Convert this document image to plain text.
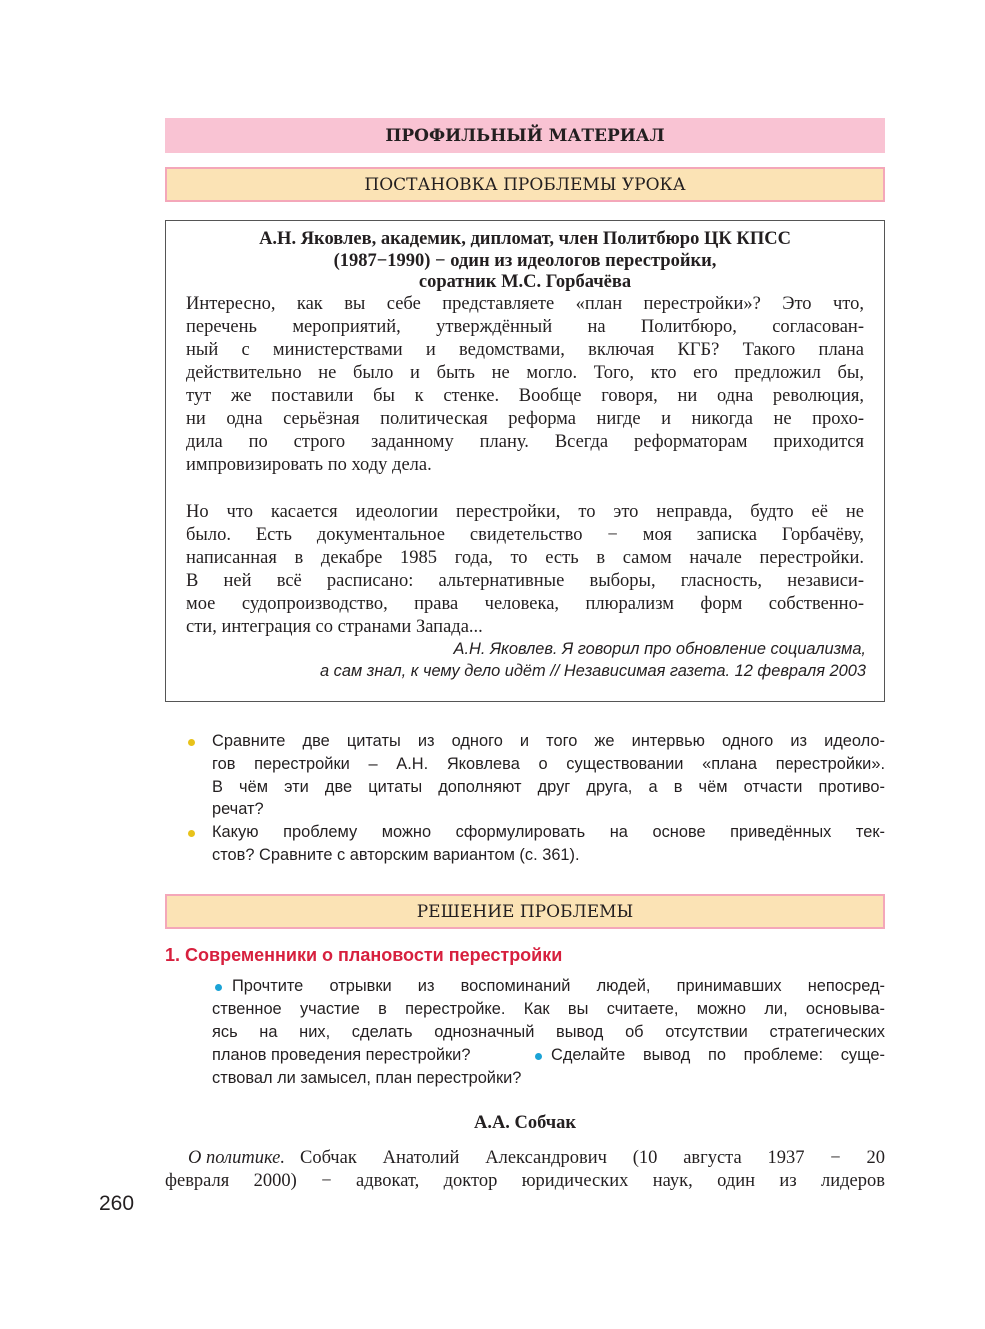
ПРОФИЛЬНЫЙ МАТЕРИАЛ
ПОСТАНОВКА ПРОБЛЕМЫ УРОКА
А.Н. Яковлев, академик, дипломат, член Политбюро ЦК КПСС
(1987−1990) − один из идеологов перестройки,
соратник М.С. Горбачёва
Интересно, как вы себе представляете «план перестройки»? Это что,
перечень мероприятий, утверждённый на Политбюро, согласован-
ный с министерствами и ведомствами, включая КГБ? Такого плана
действительно не было и быть не могло. Того, кто его предложил бы,
тут же поставили бы к стенке. Вообще говоря, ни одна революция,
ни одна серьёзная политическая реформа нигде и никогда не прохо-
дила по строго заданному плану. Всегда реформаторам приходится
импровизировать по ходу дела.
Но что касается идеологии перестройки, то это неправда, будто её не
было. Есть документальное свидетельство − моя записка Горбачёву,
написанная в декабре 1985 года, то есть в самом начале перестройки.
В ней всё расписано: альтернативные выборы, гласность, независи-
мое судопроизводство, права человека, плюрализм форм собственно-
сти, интеграция со странами Запада...
А.Н. Яковлев. Я говорил про обновление социализма,
а сам знал, к чему дело идёт // Независимая газета. 12 февраля 2003
РЕШЕНИЕ ПРОБЛЕМЫ
1. Современники о плановости перестройки
260
Сравните две цитаты из одного и того же интервью одного из идеоло-
гов перестройки – А.Н. Яковлева о существовании «плана перестройки».
В чём эти две цитаты дополняют друг друга, а в чём отчасти противо-
речат?
Какую проблему можно сформулировать на основе приведённых тек-
стов? Сравните с авторским вариантом (с. 361).
Прочтите отрывки из воспоминаний людей, принимавших непосред-
ственное участие в перестройке. Как вы считаете, можно ли, основыва-
ясь на них, сделать однозначный вывод об отсутствии стратегических
планов проведения перестройки?	Сделайте вывод по проблеме: суще-
ствовал ли замысел, план перестройки?
А.А. Собчак
О политике. Собчак Анатолий Александрович (10 августа 1937 − 20
февраля 2000) − адвокат, доктор юридических наук, один из лидеров
